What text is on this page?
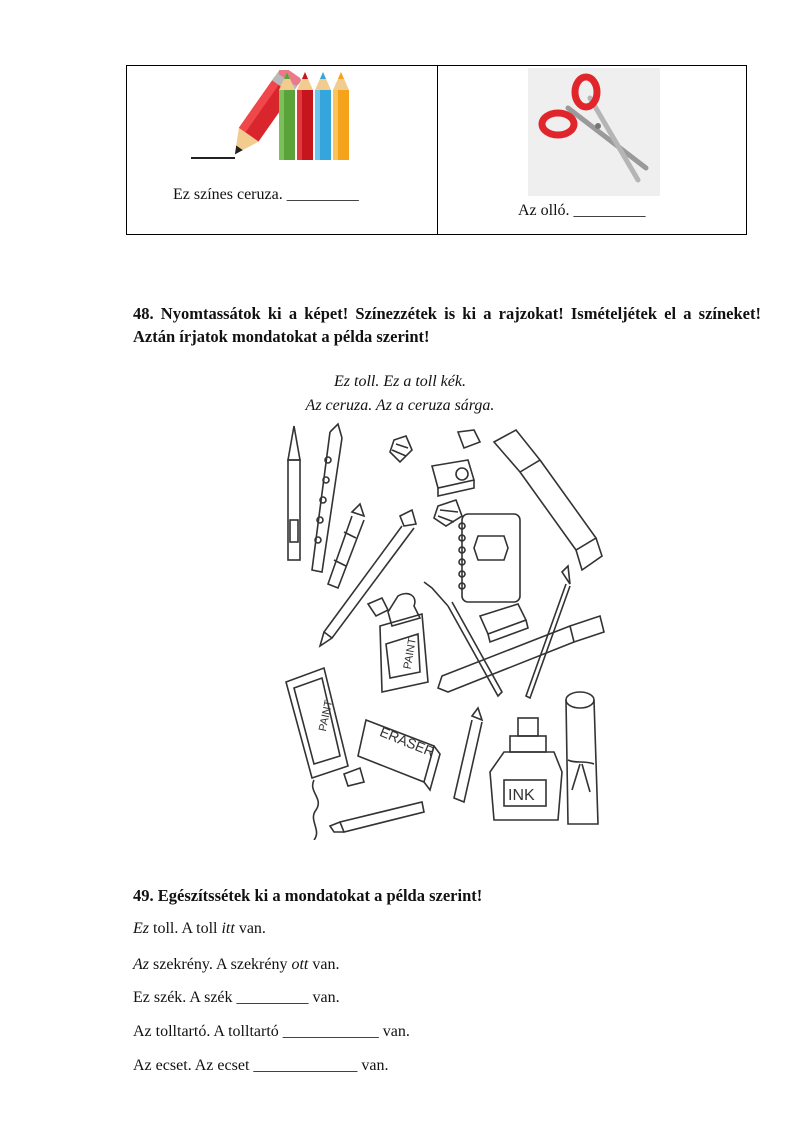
Ez színes ceruza. _________
Az olló. _________
48. Nyomtassátok ki a képet! Színezzétek is ki a rajzokat! Ismételjétek el a színeket! Aztán írjatok mondatokat a példa szerint!
Ez toll. Ez a toll kék.
Az ceruza. Az a ceruza sárga.
PAINT
PAINT
ERASER
INK
49. Egészítssétek ki a mondatokat a példa szerint!
Ez toll. A toll itt van.
Az szekrény. A szekrény ott van.
Ez szék. A szék _________ van.
Az tolltartó. A tolltartó ____________ van.
Az ecset. Az ecset _____________ van.
